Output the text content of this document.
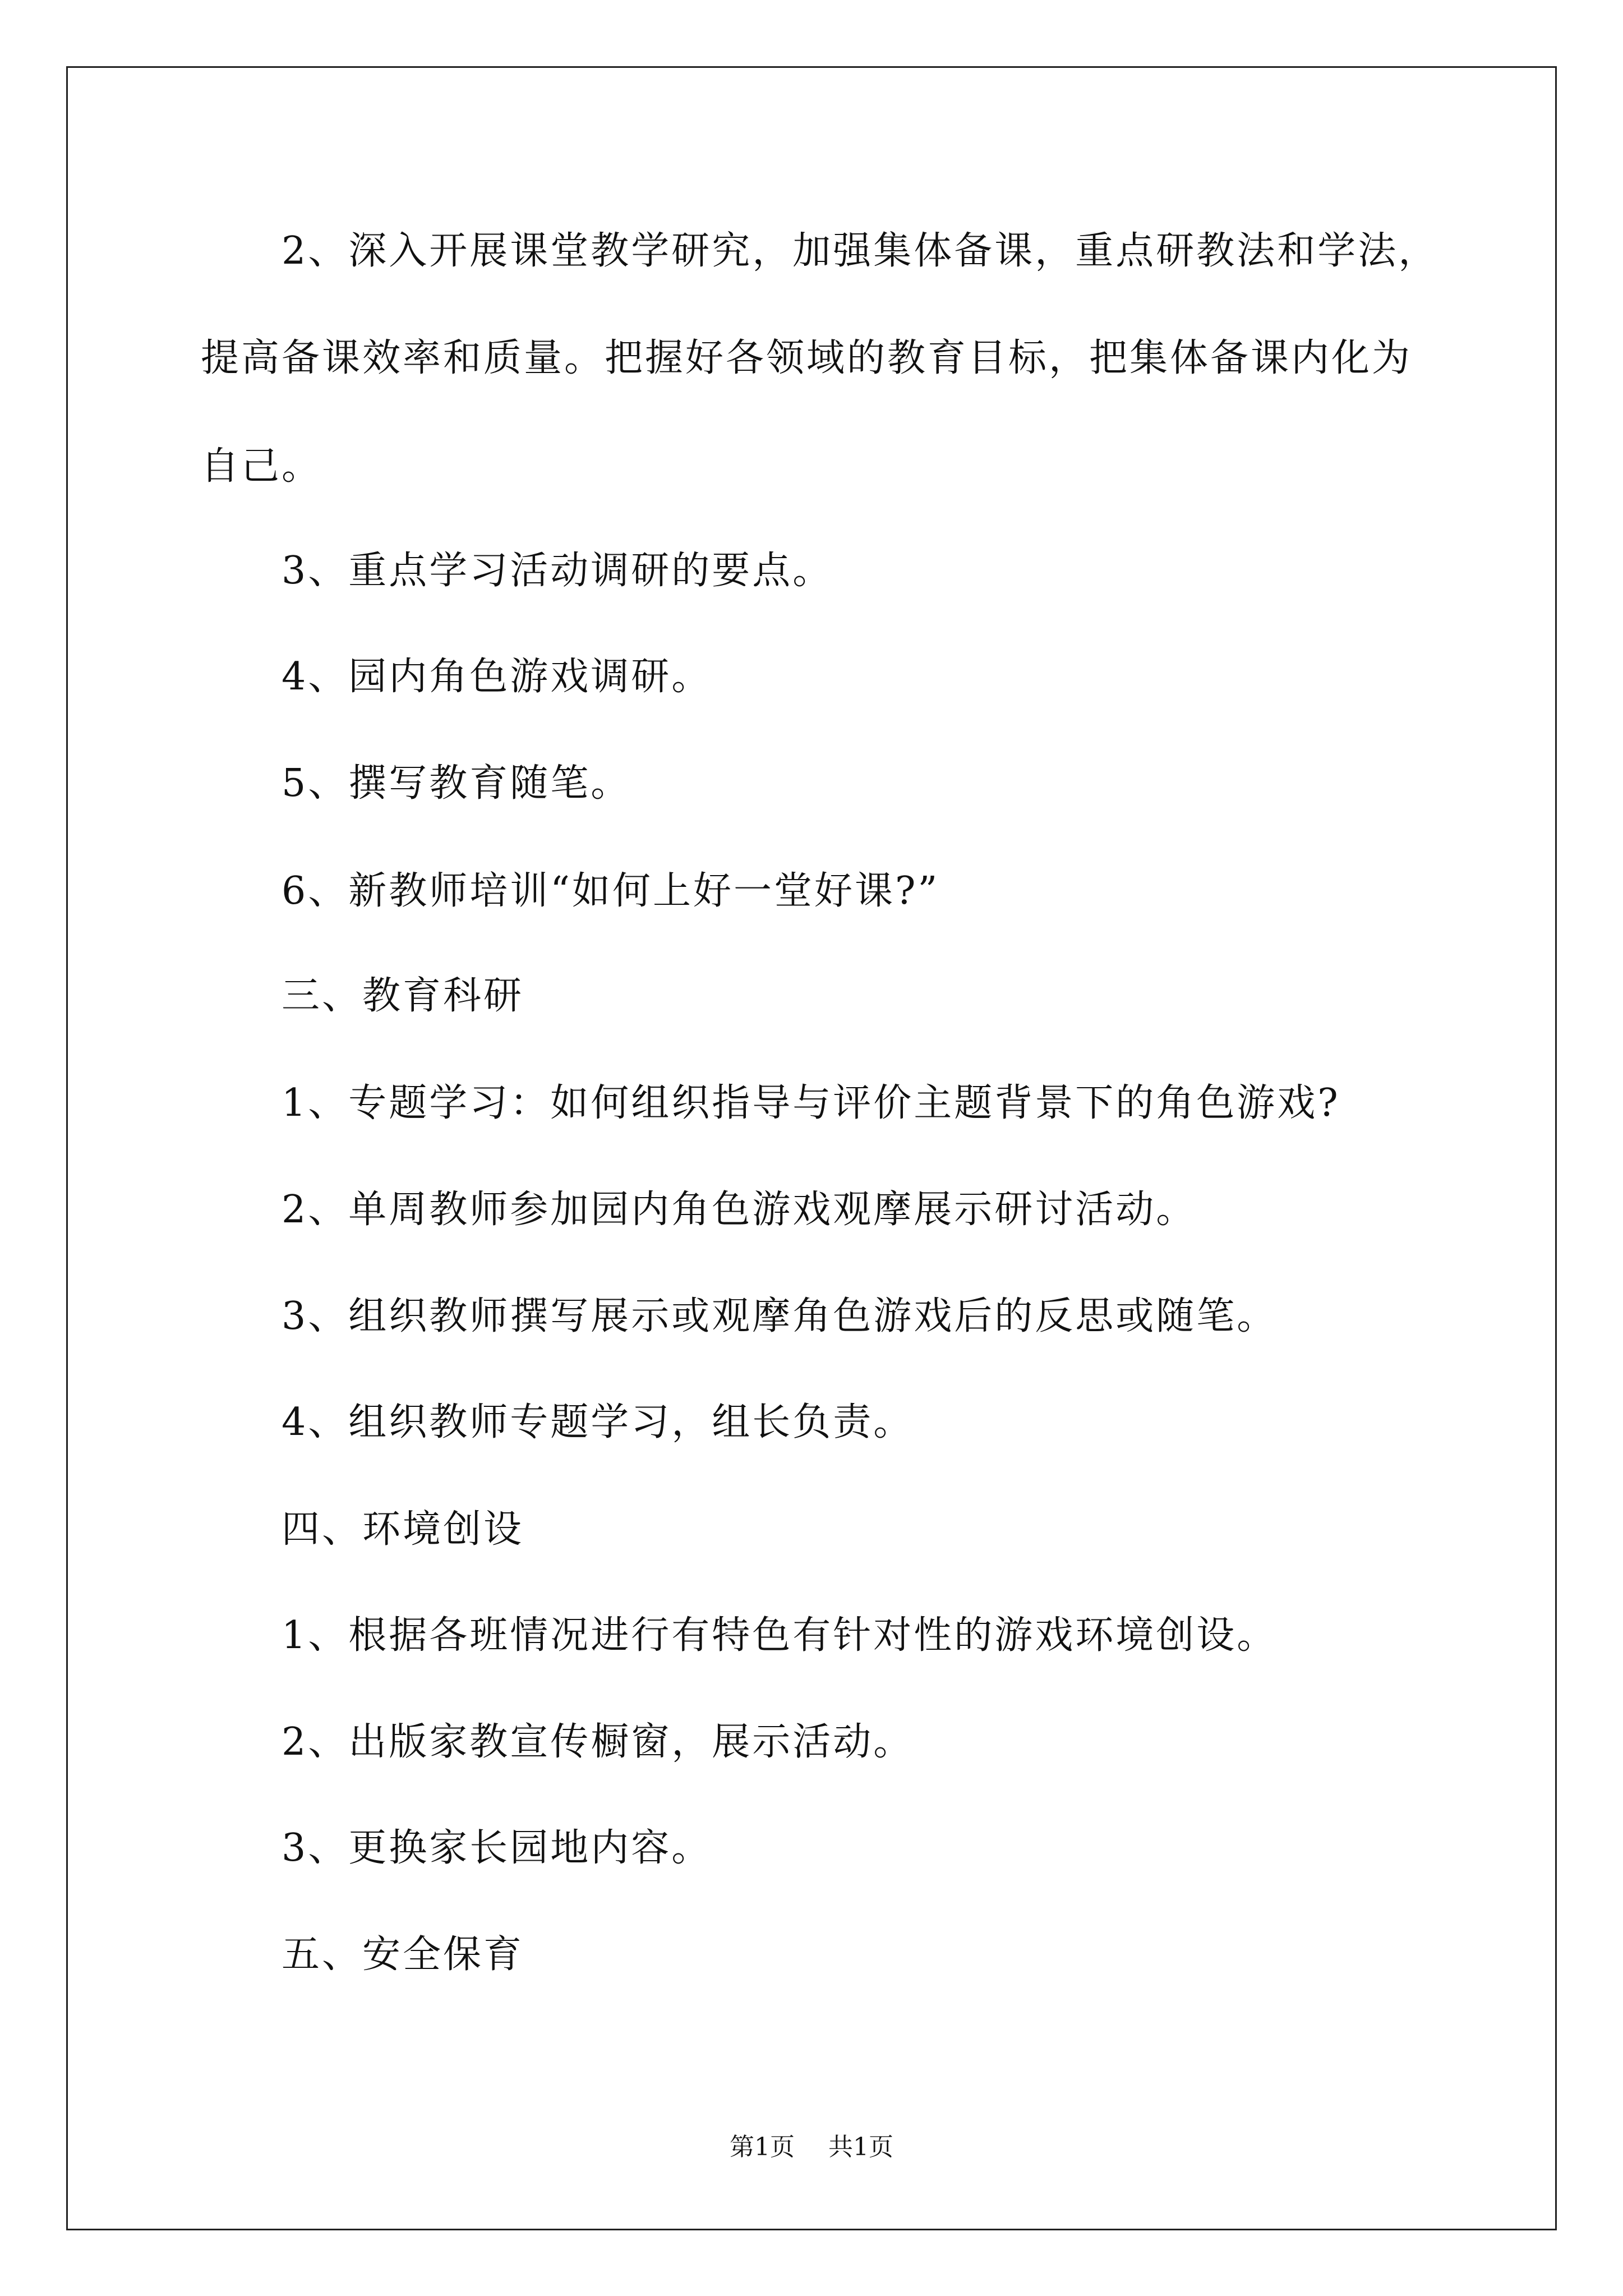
2、深入开展课堂教学研究，加强集体备课，重点研教法和学法，

提高备课效率和质量。把握好各领域的教育目标，把集体备课内化为

自己。

3、重点学习活动调研的要点。

4、园内角色游戏调研。

5、撰写教育随笔。

6、新教师培训“如何上好一堂好课?”

三、教育科研

1、专题学习：如何组织指导与评价主题背景下的角色游戏?

2、单周教师参加园内角色游戏观摩展示研讨活动。

3、组织教师撰写展示或观摩角色游戏后的反思或随笔。

4、组织教师专题学习，组长负责。

四、环境创设

1、根据各班情况进行有特色有针对性的游戏环境创设。

2、出版家教宣传橱窗，展示活动。

3、更换家长园地内容。

五、安全保育

第1页 共1页
